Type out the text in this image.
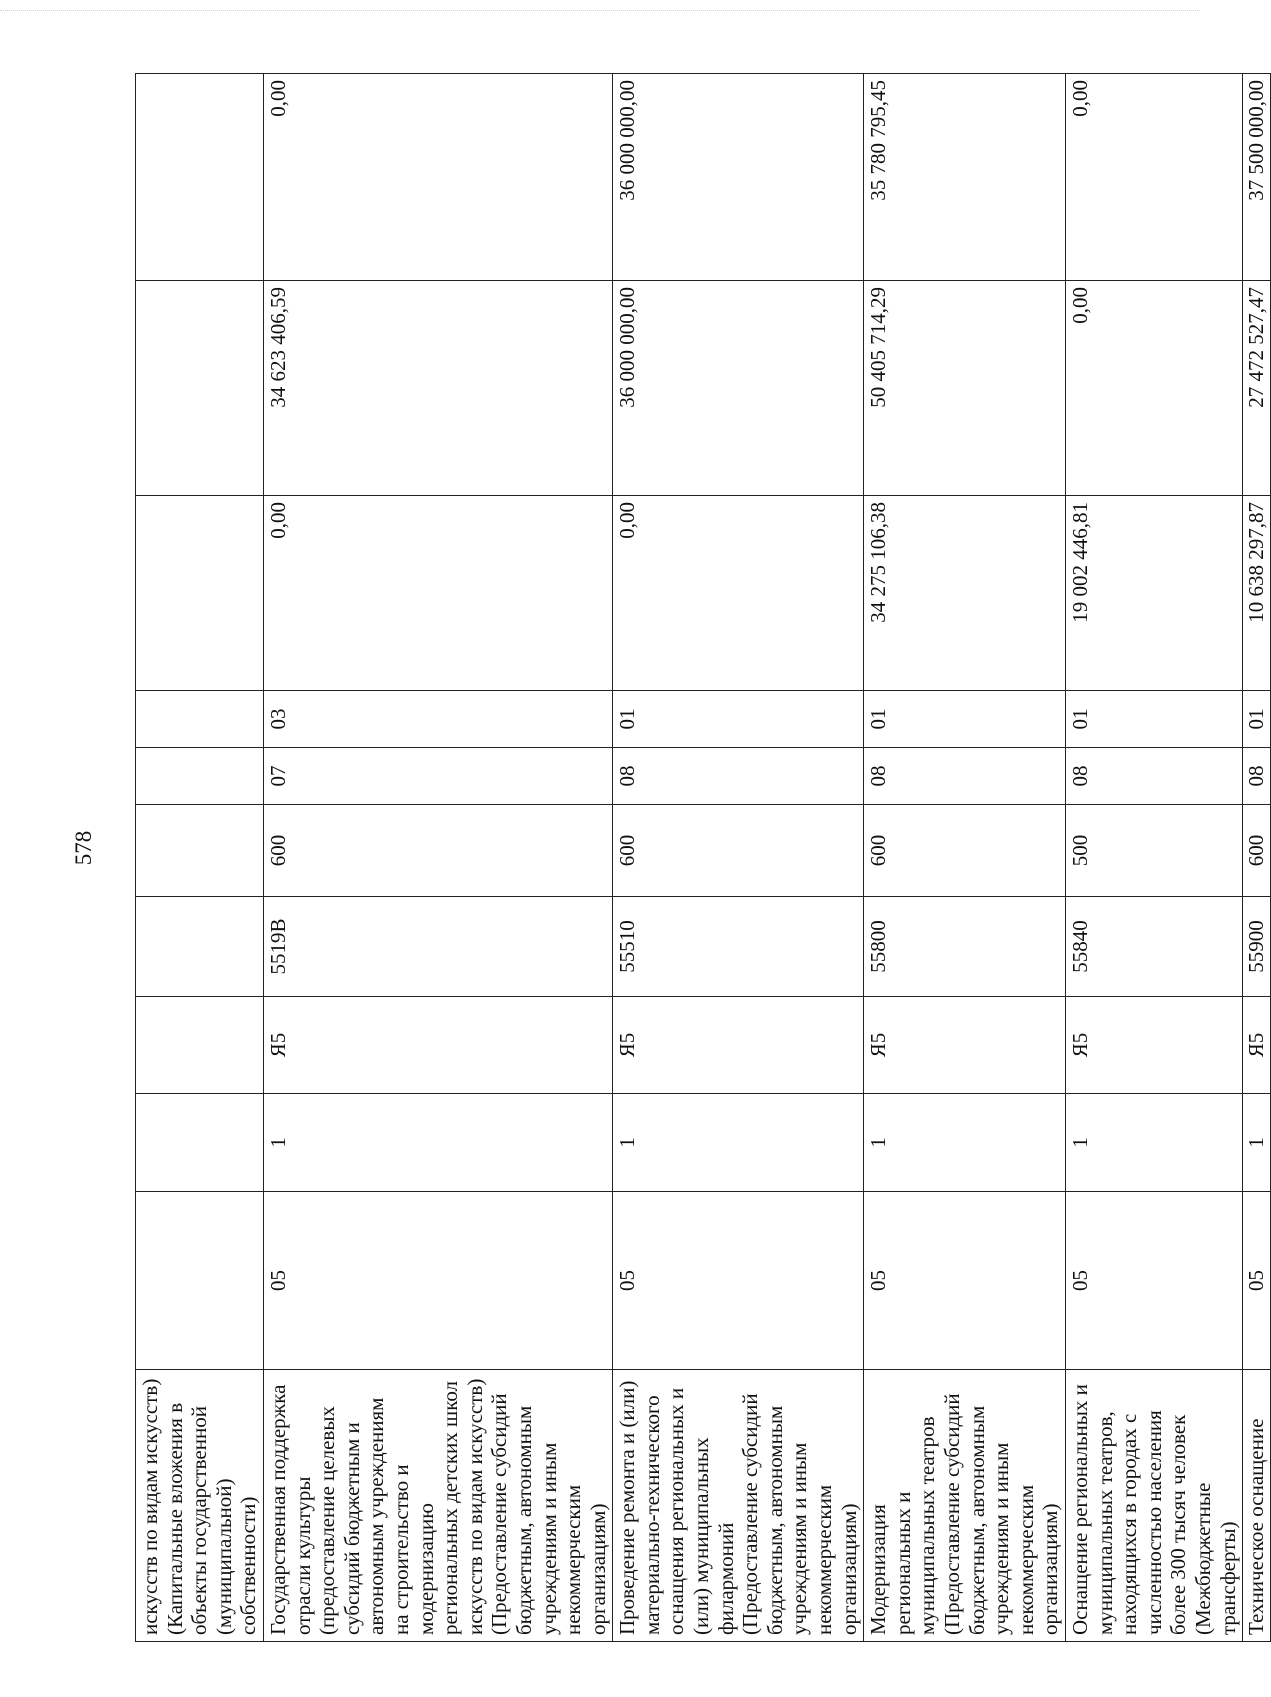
578
искусств по видам искусств) (Капитальные вложения в объекты государственной (муниципальной) собственности)										
Государственная поддержка отрасли культуры (предоставление целевых субсидий бюджетным и автономным учреждениям на строительство и модернизацию региональных детских школ искусств по видам искусств) (Предоставление субсидий бюджетным, автономным учреждениям и иным некоммерческим организациям)	05	1	Я5	5519В	600	07	03	0,00	34 623 406,59	0,00
Проведение ремонта и (или) материально-технического оснащения региональных и (или) муниципальных филармоний (Предоставление субсидий бюджетным, автономным учреждениям и иным некоммерческим организациям)	05	1	Я5	55510	600	08	01	0,00	36 000 000,00	36 000 000,00
Модернизация региональных и муниципальных театров (Предоставление субсидий бюджетным, автономным учреждениям и иным некоммерческим организациям)	05	1	Я5	55800	600	08	01	34 275 106,38	50 405 714,29	35 780 795,45
Оснащение региональных и муниципальных театров, находящихся в городах с численностью населения более 300 тысяч человек (Межбюджетные трансферты)	05	1	Я5	55840	500	08	01	19 002 446,81	0,00	0,00
Техническое оснащение	05	1	Я5	55900	600	08	01	10 638 297,87	27 472 527,47	37 500 000,00
